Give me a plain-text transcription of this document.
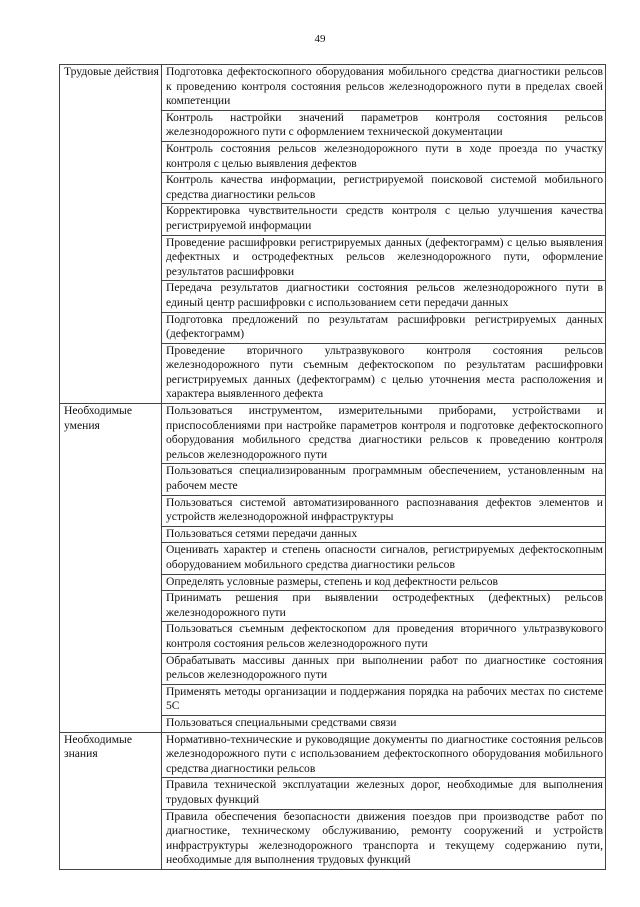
49
Трудовые действия	Подготовка дефектоскопного оборудования мобильного средства диагностики рельсов к проведению контроля состояния рельсов железнодорожного пути в пределах своей компетенции
	Контроль настройки значений параметров контроля состояния рельсов железнодорожного пути с оформлением технической документации
	Контроль состояния рельсов железнодорожного пути в ходе проезда по участку контроля с целью выявления дефектов
	Контроль качества информации, регистрируемой поисковой системой мобильного средства диагностики рельсов
	Корректировка чувствительности средств контроля с целью улучшения качества регистрируемой информации
	Проведение расшифровки регистрируемых данных (дефектограмм) с целью выявления дефектных и остродефектных рельсов железнодорожного пути, оформление результатов расшифровки
	Передача результатов диагностики состояния рельсов железнодорожного пути в единый центр расшифровки с использованием сети передачи данных
	Подготовка предложений по результатам расшифровки регистрируемых данных (дефектограмм)
	Проведение вторичного ультразвукового контроля состояния рельсов железнодорожного пути съемным дефектоскопом по результатам расшифровки регистрируемых данных (дефектограмм) с целью уточнения места расположения и характера выявленного дефекта
Необходимые умения	Пользоваться инструментом, измерительными приборами, устройствами и приспособлениями при настройке параметров контроля и подготовке дефектоскопного оборудования мобильного средства диагностики рельсов к проведению контроля рельсов железнодорожного пути
	Пользоваться специализированным программным обеспечением, установленным на рабочем месте
	Пользоваться системой автоматизированного распознавания дефектов элементов и устройств железнодорожной инфраструктуры
	Пользоваться сетями передачи данных
	Оценивать характер и степень опасности сигналов, регистрируемых дефектоскопным оборудованием мобильного средства диагностики рельсов
	Определять условные размеры, степень и код дефектности рельсов
	Принимать решения при выявлении остродефектных (дефектных) рельсов железнодорожного пути
	Пользоваться съемным дефектоскопом для проведения вторичного ультразвукового контроля состояния рельсов железнодорожного пути
	Обрабатывать массивы данных при выполнении работ по диагностике состояния рельсов железнодорожного пути
	Применять методы организации и поддержания порядка на рабочих местах по системе 5С
	Пользоваться специальными средствами связи
Необходимые знания	Нормативно-технические и руководящие документы по диагностике состояния рельсов железнодорожного пути с использованием дефектоскопного оборудования мобильного средства диагностики рельсов
	Правила технической эксплуатации железных дорог, необходимые для выполнения трудовых функций
	Правила обеспечения безопасности движения поездов при производстве работ по диагностике, техническому обслуживанию, ремонту сооружений и устройств инфраструктуры железнодорожного транспорта и текущему содержанию пути, необходимые для выполнения трудовых функций
